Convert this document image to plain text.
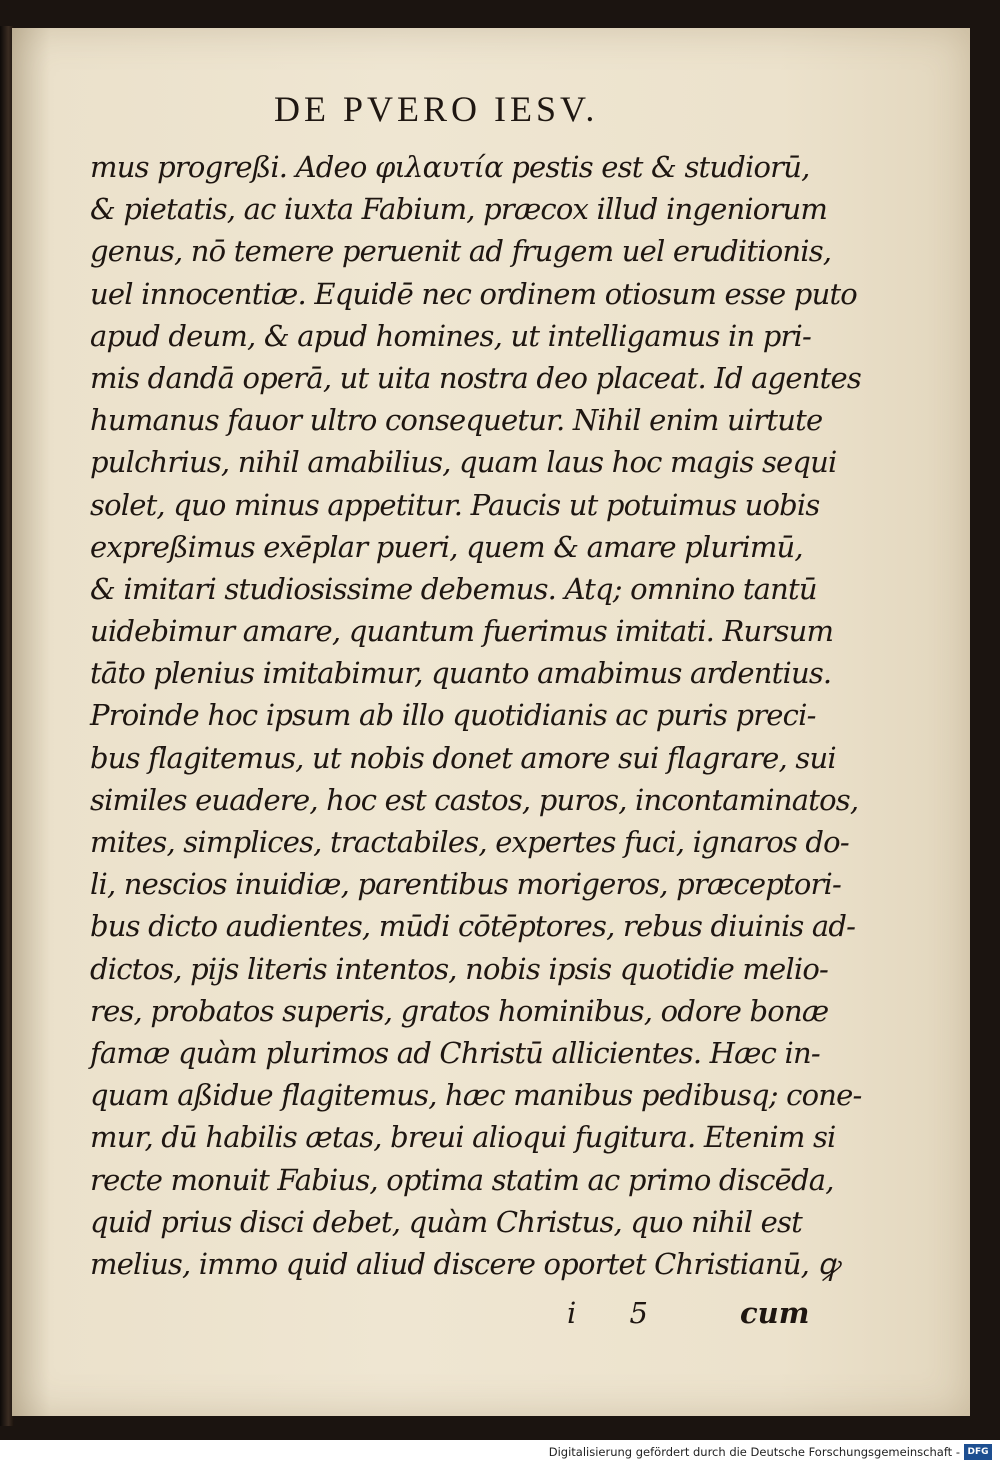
DE PVERO IESV.
mus progreßi. Adeo φιλαυτία pestis est & studiorū,
& pietatis, ac iuxta Fabium, præcox illud ingeniorum
genus, nō temere peruenit ad frugem uel eruditionis,
uel innocentiæ. Equidē nec ordinem otiosum esse puto
apud deum, & apud homines, ut intelligamus in pri-
mis dandā operā, ut uita nostra deo placeat. Id agentes
humanus fauor ultro consequetur. Nihil enim uirtute
pulchrius, nihil amabilius, quam laus hoc magis sequi
solet, quo minus appetitur. Paucis ut potuimus uobis
expreßimus exēplar pueri, quem & amare plurimū,
& imitari studiosissime debemus. Atq; omnino tantū
uidebimur amare, quantum fuerimus imitati. Rursum
tāto plenius imitabimur, quanto amabimus ardentius.
Proinde hoc ipsum ab illo quotidianis ac puris preci-
bus flagitemus, ut nobis donet amore sui flagrare, sui
similes euadere, hoc est castos, puros, incontaminatos,
mites, simplices, tractabiles, expertes fuci, ignaros do-
li, nescios inuidiæ, parentibus morigeros, præceptori-
bus dicto audientes, mūdi cōtēptores, rebus diuinis ad-
dictos, pijs literis intentos, nobis ipsis quotidie melio-
res, probatos superis, gratos hominibus, odore bonæ
famæ quàm plurimos ad Christū allicientes. Hæc in-
quam aßidue flagitemus, hæc manibus pedibusq; cone-
mur, dū habilis ætas, breui alioqui fugitura. Etenim si
recte monuit Fabius, optima statim ac primo discēda,
quid prius disci debet, quàm Christus, quo nihil est
melius, immo quid aliud discere oportet Christianū, ꝙ
i 5 cum
Digitalisierung gefördert durch die Deutsche Forschungsgemeinschaft - DFG
